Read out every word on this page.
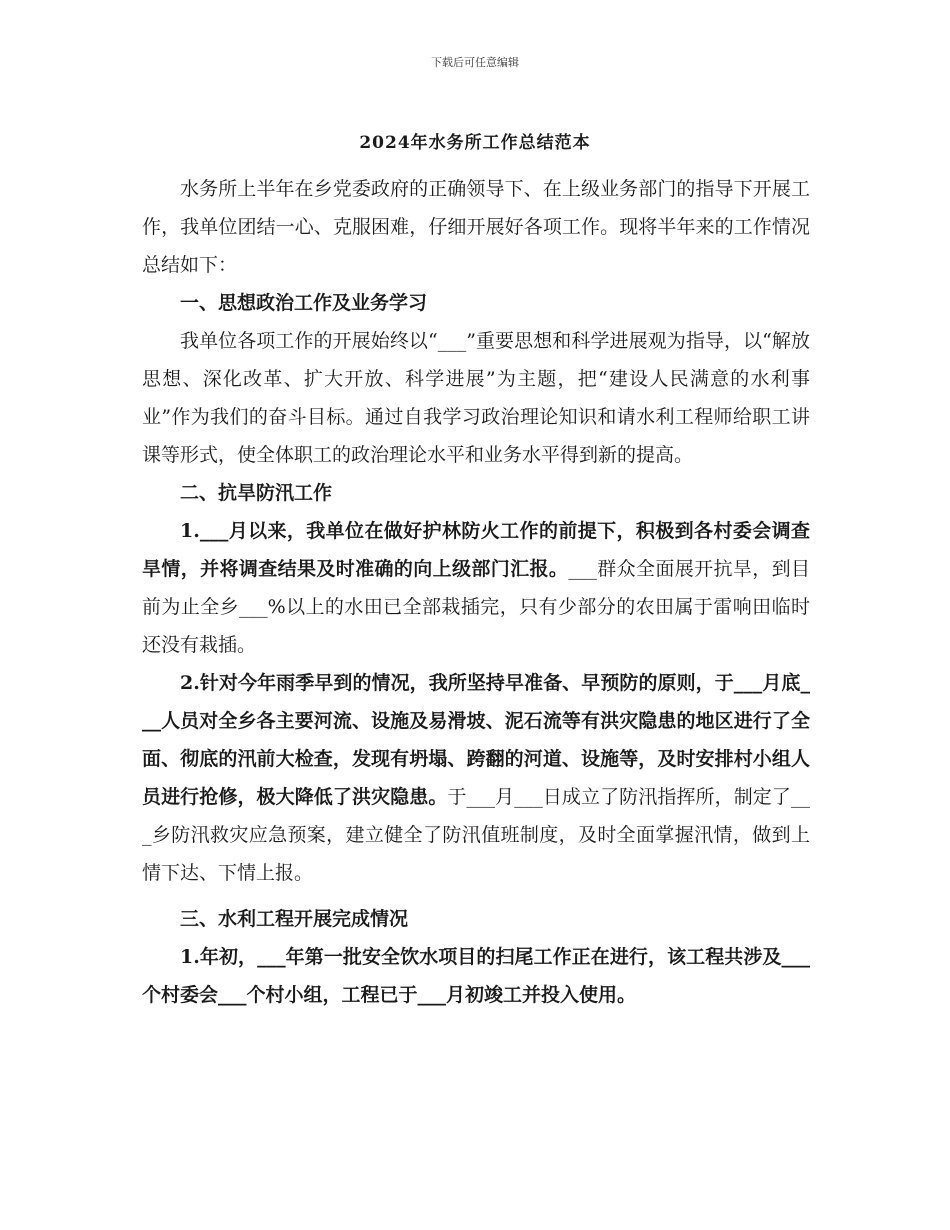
下载后可任意编辑
2024年水务所工作总结范本

水务所上半年在乡党委政府的正确领导下、在上级业务部门的指导下开展工作，我单位团结一心、克服困难，仔细开展好各项工作。现将半年来的工作情况总结如下：

一、思想政治工作及业务学习

我单位各项工作的开展始终以“___”重要思想和科学进展观为指导，以“解放思想、深化改革、扩大开放、科学进展”为主题，把“建设人民满意的水利事业”作为我们的奋斗目标。通过自我学习政治理论知识和请水利工程师给职工讲课等形式，使全体职工的政治理论水平和业务水平得到新的提高。

二、抗旱防汛工作

1.___月以来，我单位在做好护林防火工作的前提下，积极到各村委会调查旱情，并将调查结果及时准确的向上级部门汇报。___群众全面展开抗旱，到目前为止全乡___%以上的水田已全部栽插完，只有少部分的农田属于雷响田临时还没有栽插。

2.针对今年雨季早到的情况，我所坚持早准备、早预防的原则，于___月底___人员对全乡各主要河流、设施及易滑坡、泥石流等有洪灾隐患的地区进行了全面、彻底的汛前大检查，发现有坍塌、跨翻的河道、设施等，及时安排村小组人员进行抢修，极大降低了洪灾隐患。于___月___日成立了防汛指挥所，制定了___乡防汛救灾应急预案，建立健全了防汛值班制度，及时全面掌握汛情，做到上情下达、下情上报。

三、水利工程开展完成情况

1.年初，___年第一批安全饮水项目的扫尾工作正在进行，该工程共涉及___个村委会___个村小组，工程已于___月初竣工并投入使用。
